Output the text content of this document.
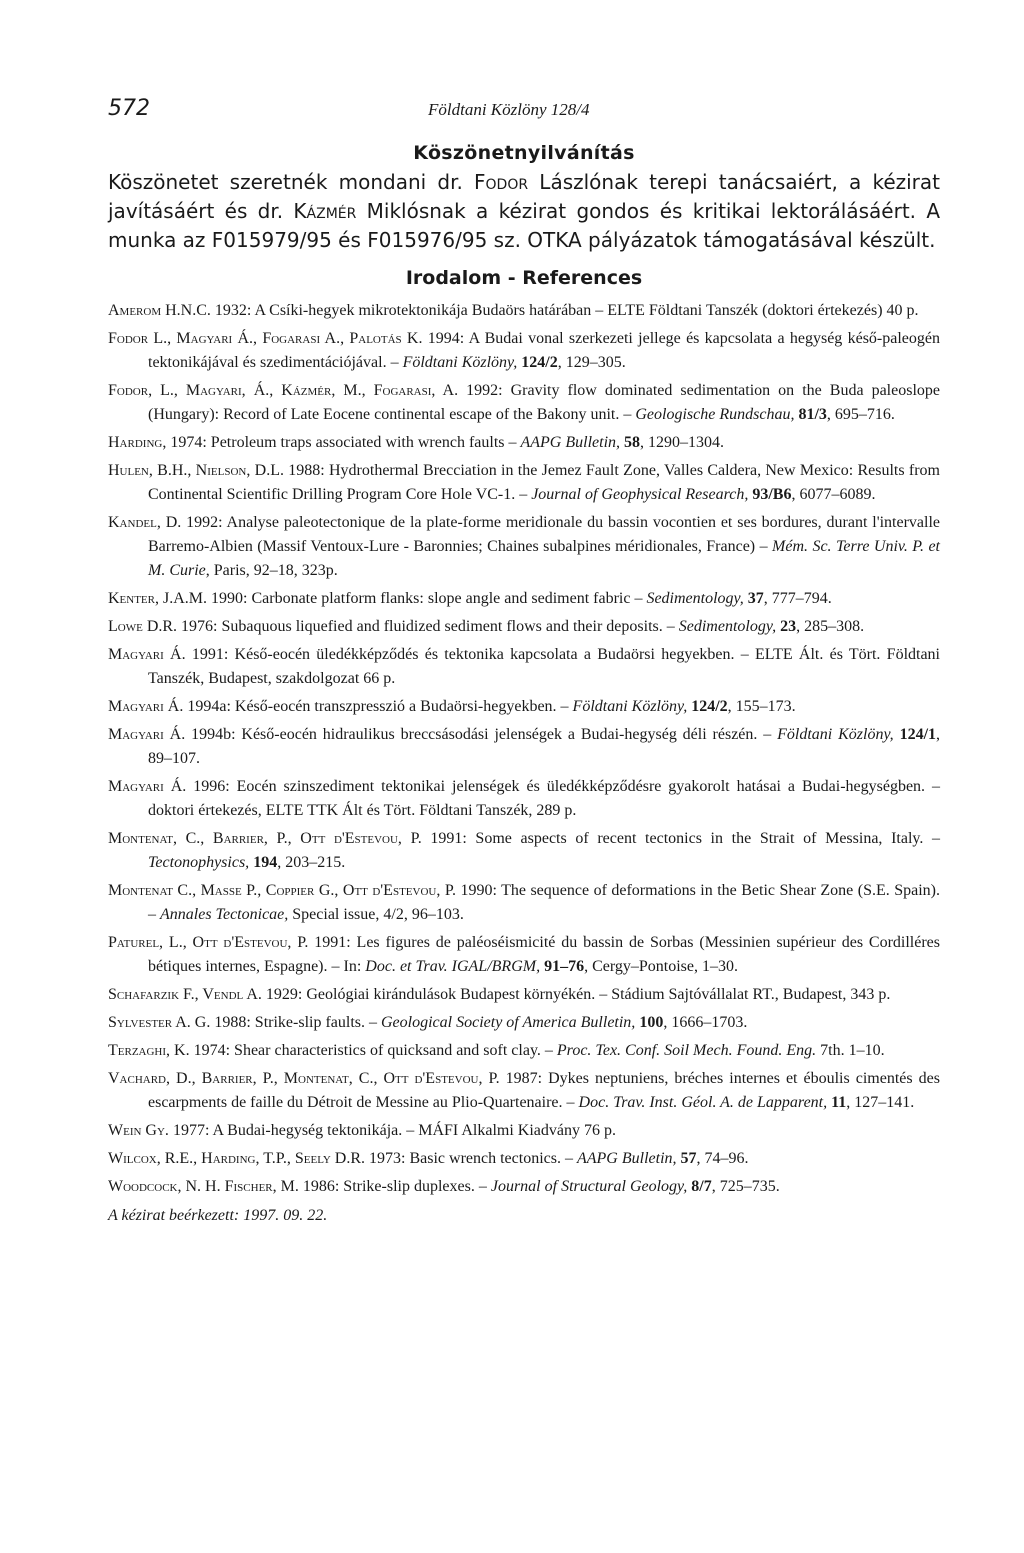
572	Földtani Közlöny 128/4
Köszönetnyilvánítás

Köszönetet szeretnék mondani dr. Fodor Lászlónak terepi tanácsaiért, a kézirat javításáért és dr. Kázmér Miklósnak a kézirat gondos és kritikai lektorálásáért. A munka az F015979/95 és F015976/95 sz. OTKA pályázatok támogatásával készült.

Irodalom - References

Amerom H.N.C. 1932: A Csíki-hegyek mikrotektonikája Budaörs határában – ELTE Földtani Tanszék (doktori értekezés) 40 p.

Fodor L., Magyari Á., Fogarasi A., Palotás K. 1994: A Budai vonal szerkezeti jellege és kapcsolata a hegység késő-paleogén tektonikájával és szedimentációjával. – Földtani Közlöny, 124/2, 129–305.

Fodor, L., Magyari, Á., Kázmér, M., Fogarasi, A. 1992: Gravity flow dominated sedimentation on the Buda paleoslope (Hungary): Record of Late Eocene continental escape of the Bakony unit. – Geologische Rundschau, 81/3, 695–716.

Harding, 1974: Petroleum traps associated with wrench faults – AAPG Bulletin, 58, 1290–1304.

Hulen, B.H., Nielson, D.L. 1988: Hydrothermal Brecciation in the Jemez Fault Zone, Valles Caldera, New Mexico: Results from Continental Scientific Drilling Program Core Hole VC-1. – Journal of Geophysical Research, 93/B6, 6077–6089.

Kandel, D. 1992: Analyse paleotectonique de la plate-forme meridionale du bassin vocontien et ses bordures, durant l'intervalle Barremo-Albien (Massif Ventoux-Lure - Baronnies; Chaines subalpines méridionales, France) – Mém. Sc. Terre Univ. P. et M. Curie, Paris, 92–18, 323p.

Kenter, J.A.M. 1990: Carbonate platform flanks: slope angle and sediment fabric – Sedimentology, 37, 777–794.

Lowe D.R. 1976: Subaquous liquefied and fluidized sediment flows and their deposits. – Sedimentology, 23, 285–308.

Magyari Á. 1991: Késő-eocén üledékképződés és tektonika kapcsolata a Budaörsi hegyekben. – ELTE Ált. és Tört. Földtani Tanszék, Budapest, szakdolgozat 66 p.

Magyari Á. 1994a: Késő-eocén transzpresszió a Budaörsi-hegyekben. – Földtani Közlöny, 124/2, 155–173.

Magyari Á. 1994b: Késő-eocén hidraulikus breccsásodási jelenségek a Budai-hegység déli részén. – Földtani Közlöny, 124/1, 89–107.

Magyari Á. 1996: Eocén szinszediment tektonikai jelenségek és üledékképződésre gyakorolt hatásai a Budai-hegységben. – doktori értekezés, ELTE TTK Ált és Tört. Földtani Tanszék, 289 p.

Montenat, C., Barrier, P., Ott d'Estevou, P. 1991: Some aspects of recent tectonics in the Strait of Messina, Italy. – Tectonophysics, 194, 203–215.

Montenat C., Masse P., Coppier G., Ott d'Estevou, P. 1990: The sequence of deformations in the Betic Shear Zone (S.E. Spain). – Annales Tectonicae, Special issue, 4/2, 96–103.

Paturel, L., Ott d'Estevou, P. 1991: Les figures de paléoséismicité du bassin de Sorbas (Messinien supérieur des Cordilléres bétiques internes, Espagne). – In: Doc. et Trav. IGAL/BRGM, 91–76, Cergy–Pontoise, 1–30.

Schafarzik F., Vendl A. 1929: Geológiai kirándulások Budapest környékén. – Stádium Sajtóvállalat RT., Budapest, 343 p.

Sylvester A. G. 1988: Strike-slip faults. – Geological Society of America Bulletin, 100, 1666–1703.

Terzaghi, K. 1974: Shear characteristics of quicksand and soft clay. – Proc. Tex. Conf. Soil Mech. Found. Eng. 7th. 1–10.

Vachard, D., Barrier, P., Montenat, C., Ott d'Estevou, P. 1987: Dykes neptuniens, bréches internes et éboulis cimentés des escarpments de faille du Détroit de Messine au Plio-Quartenaire. – Doc. Trav. Inst. Géol. A. de Lapparent, 11, 127–141.

Wein Gy. 1977: A Budai-hegység tektonikája. – MÁFI Alkalmi Kiadvány 76 p.

Wilcox, R.E., Harding, T.P., Seely D.R. 1973: Basic wrench tectonics. – AAPG Bulletin, 57, 74–96.

Woodcock, N. H. Fischer, M. 1986: Strike-slip duplexes. – Journal of Structural Geology, 8/7, 725–735.

A kézirat beérkezett: 1997. 09. 22.
